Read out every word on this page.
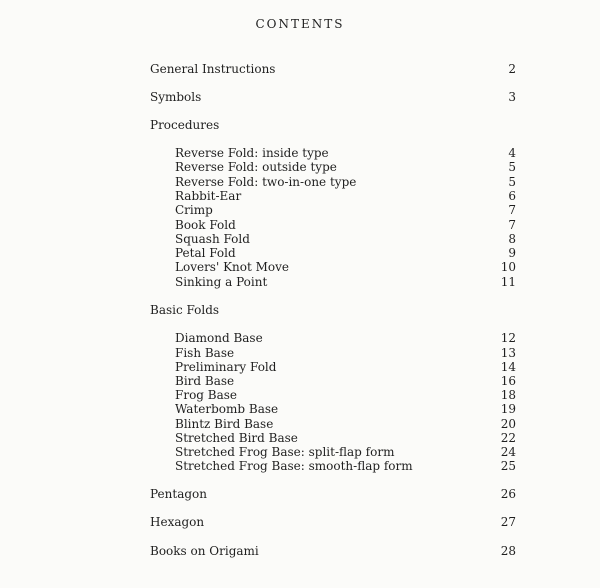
CONTENTS
General Instructions	2
Symbols	3
Procedures
Reverse Fold: inside type	4
Reverse Fold: outside type	5
Reverse Fold: two-in-one type	5
Rabbit-Ear	6
Crimp	7
Book Fold	7
Squash Fold	8
Petal Fold	9
Lovers' Knot Move	10
Sinking a Point	11
Basic Folds
Diamond Base	12
Fish Base	13
Preliminary Fold	14
Bird Base	16
Frog Base	18
Waterbomb Base	19
Blintz Bird Base	20
Stretched Bird Base	22
Stretched Frog Base: split-flap form	24
Stretched Frog Base: smooth-flap form	25
Pentagon	26
Hexagon	27
Books on Origami	28
